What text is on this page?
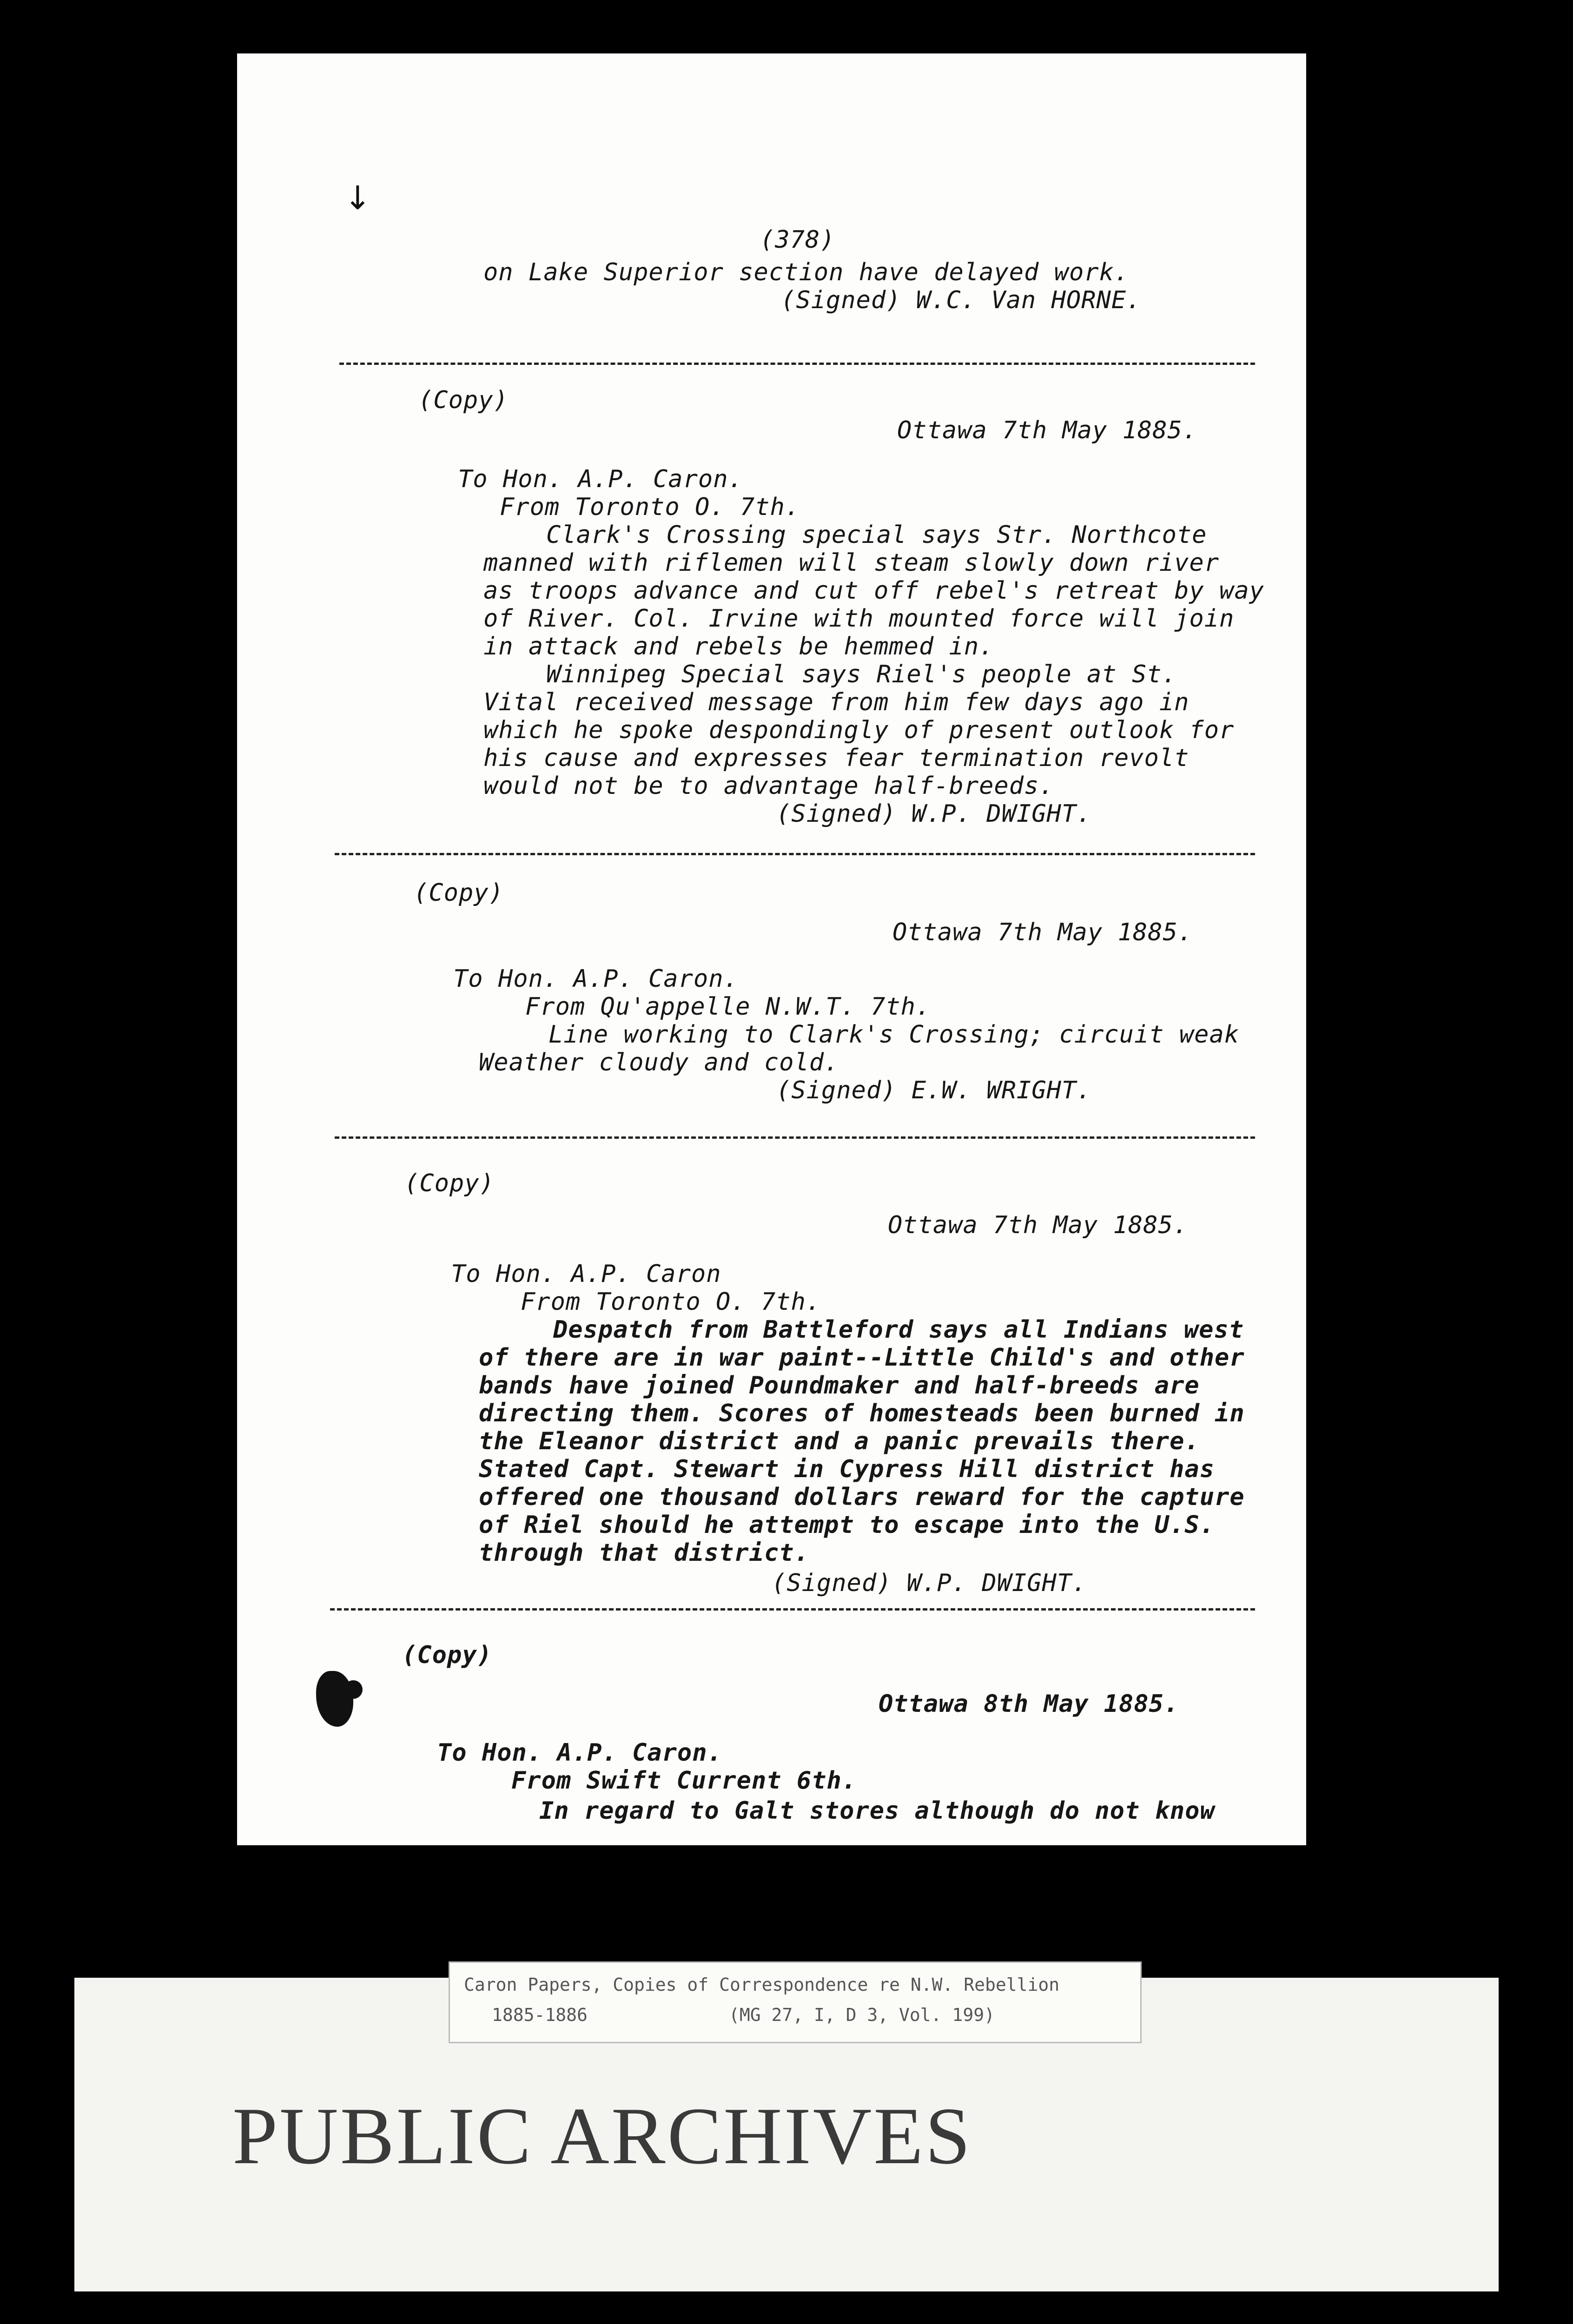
↓
(378)
on Lake Superior section have delayed work.
(Signed) W.C. Van HORNE.
(Copy)
Ottawa 7th May 1885.
To Hon. A.P. Caron.
From Toronto O. 7th.
Clark's Crossing special says Str. Northcote
manned with riflemen will steam slowly down river
as troops advance and cut off rebel's retreat by way
of River. Col. Irvine with mounted force will join
in attack and rebels be hemmed in.
Winnipeg Special says Riel's people at St.
Vital received message from him few days ago in
which he spoke despondingly of present outlook for
his cause and expresses fear termination revolt
would not be to advantage half-breeds.
(Signed) W.P. DWIGHT.
(Copy)
Ottawa 7th May 1885.
To Hon. A.P. Caron.
From Qu'appelle N.W.T. 7th.
Line working to Clark's Crossing; circuit weak
Weather cloudy and cold.
(Signed) E.W. WRIGHT.
(Copy)
Ottawa 7th May 1885.
To Hon. A.P. Caron
From Toronto O. 7th.
Despatch from Battleford says all Indians west
of there are in war paint--Little Child's and other
bands have joined Poundmaker and half-breeds are
directing them. Scores of homesteads been burned in
the Eleanor district and a panic prevails there.
Stated Capt. Stewart in Cypress Hill district has
offered one thousand dollars reward for the capture
of Riel should he attempt to escape into the U.S.
through that district.
(Signed) W.P. DWIGHT.
(Copy)
Ottawa 8th May 1885.
To Hon. A.P. Caron.
From Swift Current 6th.
In regard to Galt stores although do not know
Caron Papers, Copies of Correspondence re N.W. Rebellion
1885-1886	(MG 27, I, D 3, Vol. 199)
PUBLIC ARCHIVES
